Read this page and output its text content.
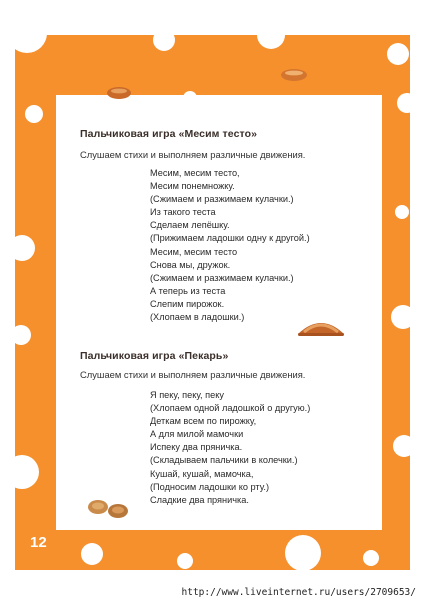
Пальчиковая игра «Месим тесто»
Слушаем стихи и выполняем различные движения.
Месим, месим тесто,
Месим понемножку.
(Сжимаем и разжимаем кулачки.)
Из такого теста
Сделаем лепёшку.
(Прижимаем ладошки одну к другой.)
Месим, месим тесто
Снова мы, дружок.
(Сжимаем и разжимаем кулачки.)
А теперь из теста
Слепим пирожок.
(Хлопаем в ладошки.)
Пальчиковая игра «Пекарь»
Слушаем стихи и выполняем различные движения.
Я пеку, пеку, пеку
(Хлопаем одной ладошкой о другую.)
Деткам всем по пирожку,
А для милой мамочки
Испеку два пряничка.
(Складываем пальчики в колечки.)
Кушай, кушай, мамочка,
(Подносим ладошки ко рту.)
Сладкие два пряничка.
12
http://www.liveinternet.ru/users/2709653/
